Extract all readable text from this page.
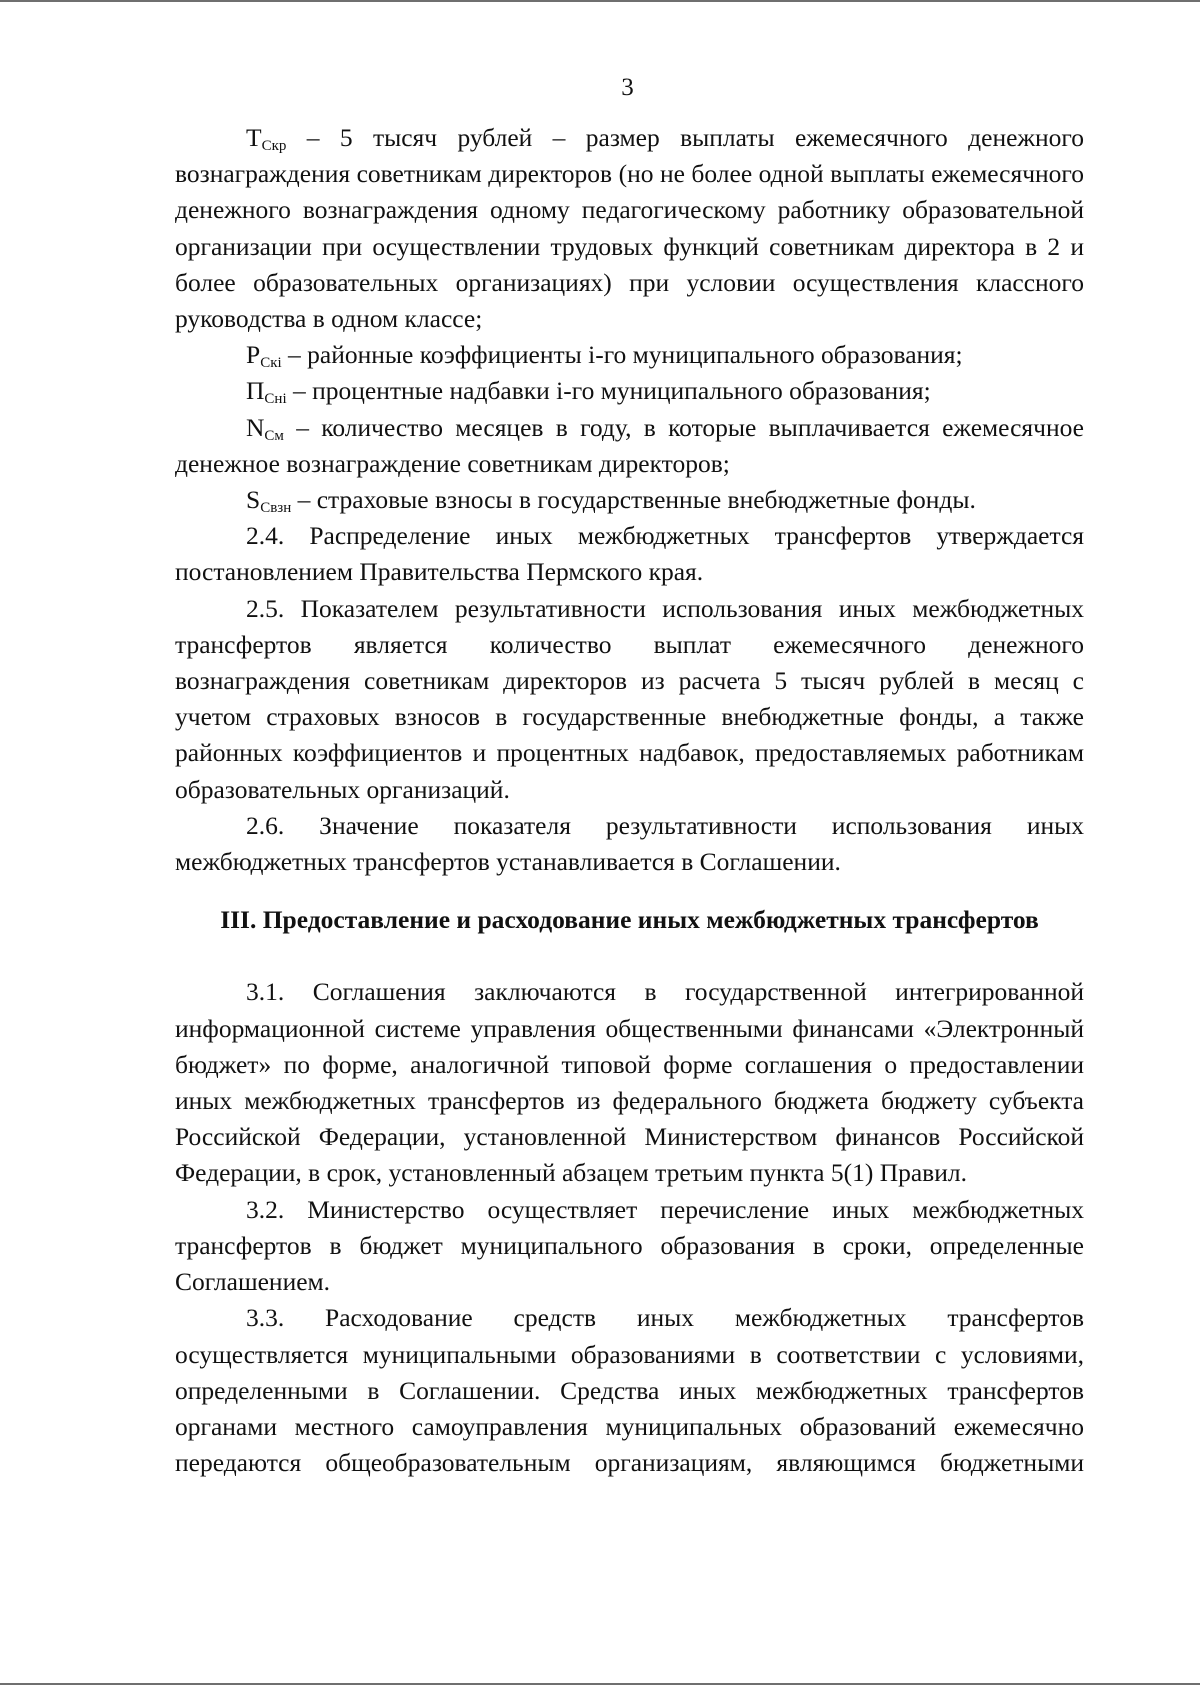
3

$Т_{Скр} - 5$ тысяч рублей – размер выплаты ежемесячного денежного вознаграждения советникам директоров (но не более одной выплаты ежемесячного денежного вознаграждения одному педагогическому работнику образовательной организации при осуществлении трудовых функций советникам директора в 2 и более образовательных организациях) при условии осуществления классного руководства в одном классе;

$Р_{Скi}$ – районные коэффициенты i-го муниципального образования;

$П_{Снi}$ – процентные надбавки i-го муниципального образования;

$N_{См}$ – количество месяцев в году, в которые выплачивается ежемесячное денежное вознаграждение советникам директоров;

$S_{Свзн}$ – страховые взносы в государственные внебюджетные фонды.

2.4. Распределение иных межбюджетных трансфертов утверждается постановлением Правительства Пермского края.

2.5. Показателем результативности использования иных межбюджетных трансфертов является количество выплат ежемесячного денежного вознаграждения советникам директоров из расчета 5 тысяч рублей в месяц с учетом страховых взносов в государственные внебюджетные фонды, а также районных коэффициентов и процентных надбавок, предоставляемых работникам образовательных организаций.

2.6. Значение показателя результативности использования иных межбюджетных трансфертов устанавливается в Соглашении.

III. Предоставление и расходование иных межбюджетных трансфертов

3.1. Соглашения заключаются в государственной интегрированной информационной системе управления общественными финансами «Электронный бюджет» по форме, аналогичной типовой форме соглашения о предоставлении иных межбюджетных трансфертов из федерального бюджета бюджету субъекта Российской Федерации, установленной Министерством финансов Российской Федерации, в срок, установленный абзацем третьим пункта 5(1) Правил.

3.2. Министерство осуществляет перечисление иных межбюджетных трансфертов в бюджет муниципального образования в сроки, определенные Соглашением.

3.3. Расходование средств иных межбюджетных трансфертов осуществляется муниципальными образованиями в соответствии с условиями, определенными в Соглашении. Средства иных межбюджетных трансфертов органами местного самоуправления муниципальных образований ежемесячно передаются общеобразовательным организациям, являющимся бюджетными
